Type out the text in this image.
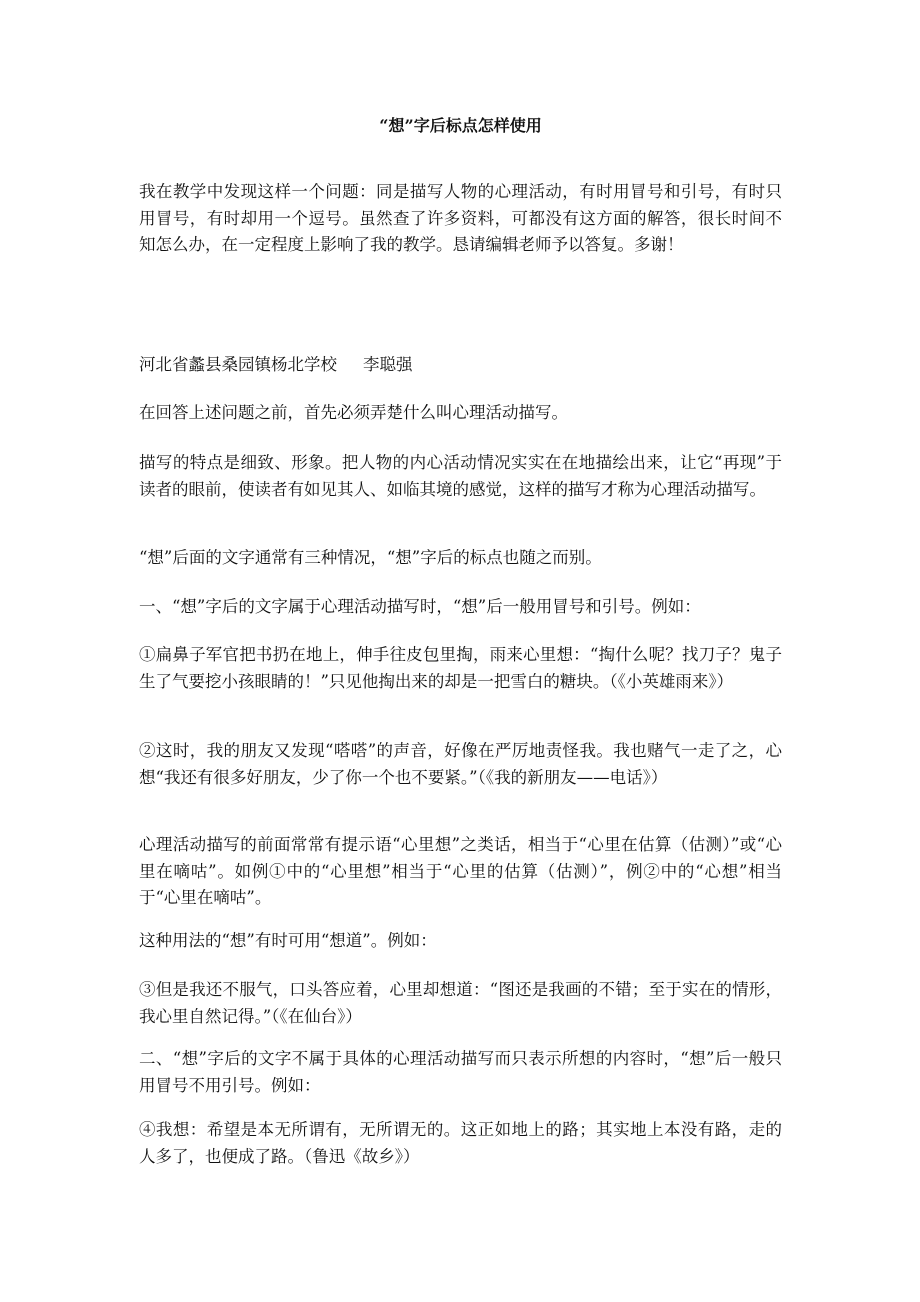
“想”字后标点怎样使用

我在教学中发现这样一个问题：同是描写人物的心理活动，有时用冒号和引号，有时只用冒号，有时却用一个逗号。虽然查了许多资料，可都没有这方面的解答，很长时间不知怎么办，在一定程度上影响了我的教学。恳请编辑老师予以答复。多谢！

河北省蠡县桑园镇杨北学校 李聪强

在回答上述问题之前，首先必须弄楚什么叫心理活动描写。

描写的特点是细致、形象。把人物的内心活动情况实实在在地描绘出来，让它“再现”于读者的眼前，使读者有如见其人、如临其境的感觉，这样的描写才称为心理活动描写。

“想”后面的文字通常有三种情况，“想”字后的标点也随之而别。

一、“想”字后的文字属于心理活动描写时，“想”后一般用冒号和引号。例如：

①扁鼻子军官把书扔在地上，伸手往皮包里掏，雨来心里想：“掏什么呢？找刀子？鬼子生了气要挖小孩眼睛的！”只见他掏出来的却是一把雪白的糖块。（《小英雄雨来》）

②这时，我的朋友又发现“嗒嗒”的声音，好像在严厉地责怪我。我也赌气一走了之，心想“我还有很多好朋友，少了你一个也不要紧。”（《我的新朋友——电话》）

心理活动描写的前面常常有提示语“心里想”之类话，相当于“心里在估算（估测）”或“心里在嘀咕”。如例①中的“心里想”相当于“心里的估算（估测）”，例②中的“心想”相当于“心里在嘀咕”。

这种用法的“想”有时可用“想道”。例如：

③但是我还不服气，口头答应着，心里却想道：“图还是我画的不错；至于实在的情形，我心里自然记得。”（《在仙台》）

二、“想”字后的文字不属于具体的心理活动描写而只表示所想的内容时，“想”后一般只用冒号不用引号。例如：

④我想：希望是本无所谓有，无所谓无的。这正如地上的路；其实地上本没有路，走的人多了，也便成了路。（鲁迅《故乡》）
